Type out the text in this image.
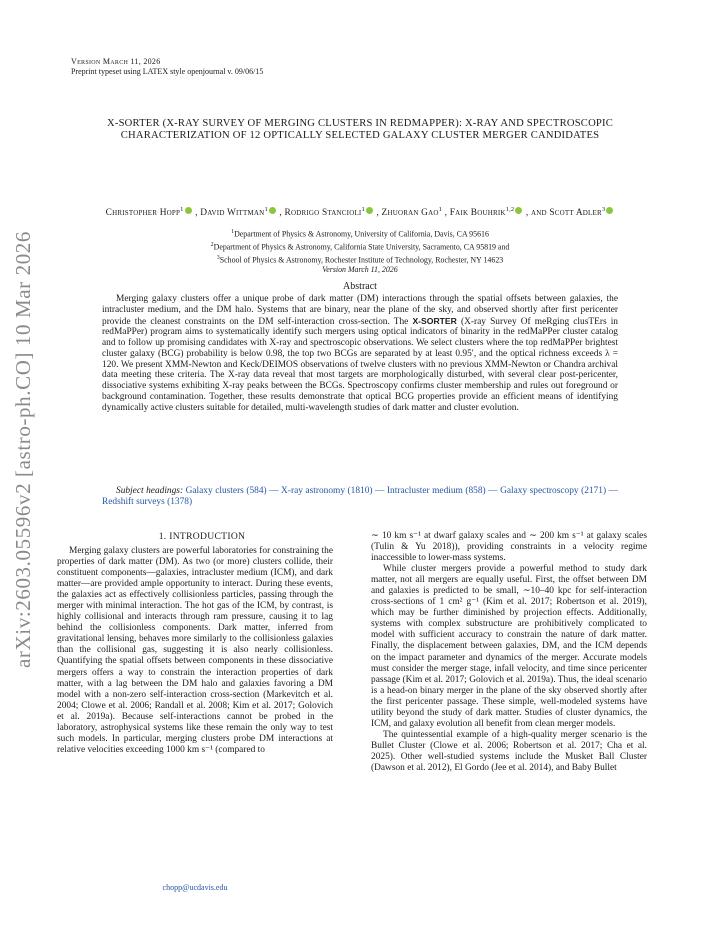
arXiv:2603.05596v2 [astro-ph.CO] 10 Mar 2026
Version March 11, 2026
Preprint typeset using LATEX style openjournal v. 09/06/15
X-SORTER (X-RAY SURVEY OF MERGING CLUSTERS IN REDMAPPER): X-RAY AND SPECTROSCOPIC CHARACTERIZATION OF 12 OPTICALLY SELECTED GALAXY CLUSTER MERGER CANDIDATES
Christopher Hopp$^1$ , David Wittman$^1$ , Rodrigo Stancioli$^1$ , Zhuoran Gao$^1$ , Faik Bouhrik$^{1,2}$ , and Scott Adler$^3$
$^1$Department of Physics & Astronomy, University of California, Davis, CA 95616
$^2$Department of Physics & Astronomy, California State University, Sacramento, CA 95819 and
$^3$School of Physics & Astronomy, Rochester Institute of Technology, Rochester, NY 14623
Version March 11, 2026
Abstract

Merging galaxy clusters offer a unique probe of dark matter (DM) interactions through the spatial offsets between galaxies, the intracluster medium, and the DM halo. Systems that are binary, near the plane of the sky, and observed shortly after first pericenter provide the cleanest constraints on the DM self-interaction cross-section. The X-SORTER (X-ray Survey Of meRging clusTErs in redMaPPer) program aims to systematically identify such mergers using optical indicators of binarity in the redMaPPer cluster catalog and to follow up promising candidates with X-ray and spectroscopic observations. We select clusters where the top redMaPPer brightest cluster galaxy (BCG) probability is below 0.98, the top two BCGs are separated by at least 0.95′, and the optical richness exceeds λ = 120. We present XMM-Newton and Keck/DEIMOS observations of twelve clusters with no previous XMM-Newton or Chandra archival data meeting these criteria. The X-ray data reveal that most targets are morphologically disturbed, with several clear post-pericenter, dissociative systems exhibiting X-ray peaks between the BCGs. Spectroscopy confirms cluster membership and rules out foreground or background contamination. Together, these results demonstrate that optical BCG properties provide an efficient means of identifying dynamically active clusters suitable for detailed, multi-wavelength studies of dark matter and cluster evolution.

Subject headings: Galaxy clusters (584) — X-ray astronomy (1810) — Intracluster medium (858) — Galaxy spectroscopy (2171) — Redshift surveys (1378)
1. INTRODUCTION

Merging galaxy clusters are powerful laboratories for constraining the properties of dark matter (DM). As two (or more) clusters collide, their constituent components—galaxies, intracluster medium (ICM), and dark matter—are provided ample opportunity to interact. During these events, the galaxies act as effectively collisionless particles, passing through the merger with minimal interaction. The hot gas of the ICM, by contrast, is highly collisional and interacts through ram pressure, causing it to lag behind the collisionless components. Dark matter, inferred from gravitational lensing, behaves more similarly to the collisionless galaxies than the collisional gas, suggesting it is also nearly collisionless. Quantifying the spatial offsets between components in these dissociative mergers offers a way to constrain the interaction properties of dark matter, with a lag between the DM halo and galaxies favoring a DM model with a non-zero self-interaction cross-section (Markevitch et al. 2004; Clowe et al. 2006; Randall et al. 2008; Kim et al. 2017; Golovich et al. 2019a). Because self-interactions cannot be probed in the laboratory, astrophysical systems like these remain the only way to test such models. In particular, merging clusters probe DM interactions at relative velocities exceeding 1000 km s⁻¹ (compared to

∼ 10 km s⁻¹ at dwarf galaxy scales and ∼ 200 km s⁻¹ at galaxy scales (Tulin & Yu 2018)), providing constraints in a velocity regime inaccessible to lower-mass systems.

While cluster mergers provide a powerful method to study dark matter, not all mergers are equally useful. First, the offset between DM and galaxies is predicted to be small, ∼10–40 kpc for self-interaction cross-sections of 1 cm² g⁻¹ (Kim et al. 2017; Robertson et al. 2019), which may be further diminished by projection effects. Additionally, systems with complex substructure are prohibitively complicated to model with sufficient accuracy to constrain the nature of dark matter. Finally, the displacement between galaxies, DM, and the ICM depends on the impact parameter and dynamics of the merger. Accurate models must consider the merger stage, infall velocity, and time since pericenter passage (Kim et al. 2017; Golovich et al. 2019a). Thus, the ideal scenario is a head-on binary merger in the plane of the sky observed shortly after the first pericenter passage. These simple, well-modeled systems have utility beyond the study of dark matter. Studies of cluster dynamics, the ICM, and galaxy evolution all benefit from clean merger models.

The quintessential example of a high-quality merger scenario is the Bullet Cluster (Clowe et al. 2006; Robertson et al. 2017; Cha et al. 2025). Other well-studied systems include the Musket Ball Cluster (Dawson et al. 2012), El Gordo (Jee et al. 2014), and Baby Bullet

chopp@ucdavis.edu
